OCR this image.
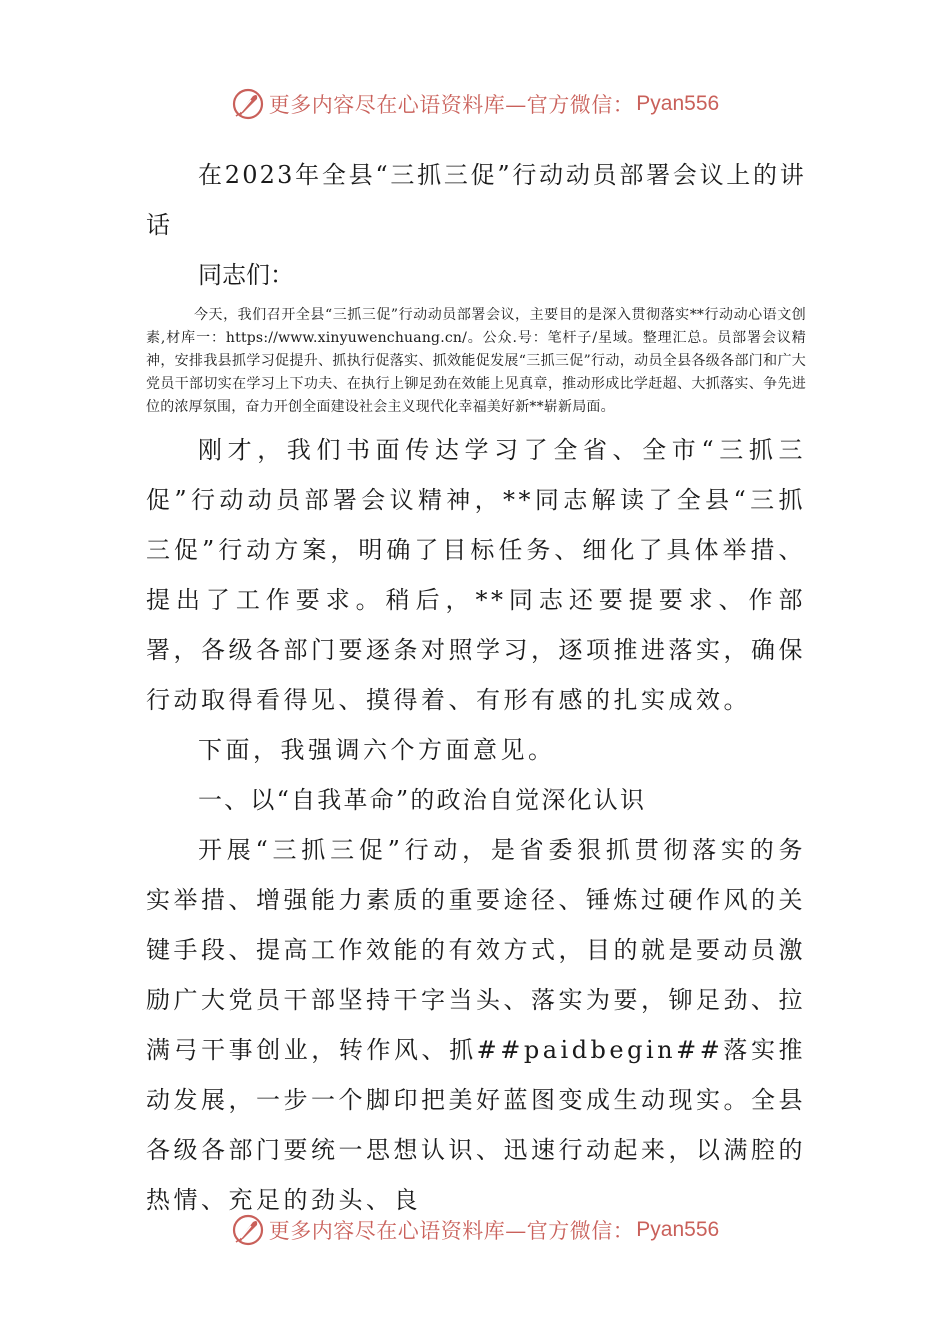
更多内容尽在心语资料库—官方微信： Pyan556

在2023年全县“三抓三促”行动动员部署会议上的讲话

同志们：

今天，我们召开全县“三抓三促”行动动员部署会议，主要目的是深入贯彻落实**行动动心语文创素,材库一：https://www.xinyuwenchuang.cn/。公众.号：笔杆子/星域。整理汇总。员部署会议精神，安排我县抓学习促提升、抓执行促落实、抓效能促发展“三抓三促”行动，动员全县各级各部门和广大党员干部切实在学习上下功夫、在执行上铆足劲在效能上见真章，推动形成比学赶超、大抓落实、争先进位的浓厚氛围，奋力开创全面建设社会主义现代化幸福美好新**崭新局面。

刚才，我们书面传达学习了全省、全市“三抓三促”行动动员部署会议精神，**同志解读了全县“三抓三促”行动方案，明确了目标任务、细化了具体举措、提出了工作要求。稍后，**同志还要提要求、作部署，各级各部门要逐条对照学习，逐项推进落实，确保行动取得看得见、摸得着、有形有感的扎实成效。

下面，我强调六个方面意见。

一、以“自我革命”的政治自觉深化认识

开展“三抓三促”行动，是省委狠抓贯彻落实的务实举措、增强能力素质的重要途径、锤炼过硬作风的关键手段、提高工作效能的有效方式，目的就是要动员激励广大党员干部坚持干字当头、落实为要，铆足劲、拉满弓干事创业，转作风、抓##paidbegin##落实推动发展，一步一个脚印把美好蓝图变成生动现实。全县各级各部门要统一思想认识、迅速行动起来，以满腔的热情、充足的劲头、良

更多内容尽在心语资料库—官方微信： Pyan556
